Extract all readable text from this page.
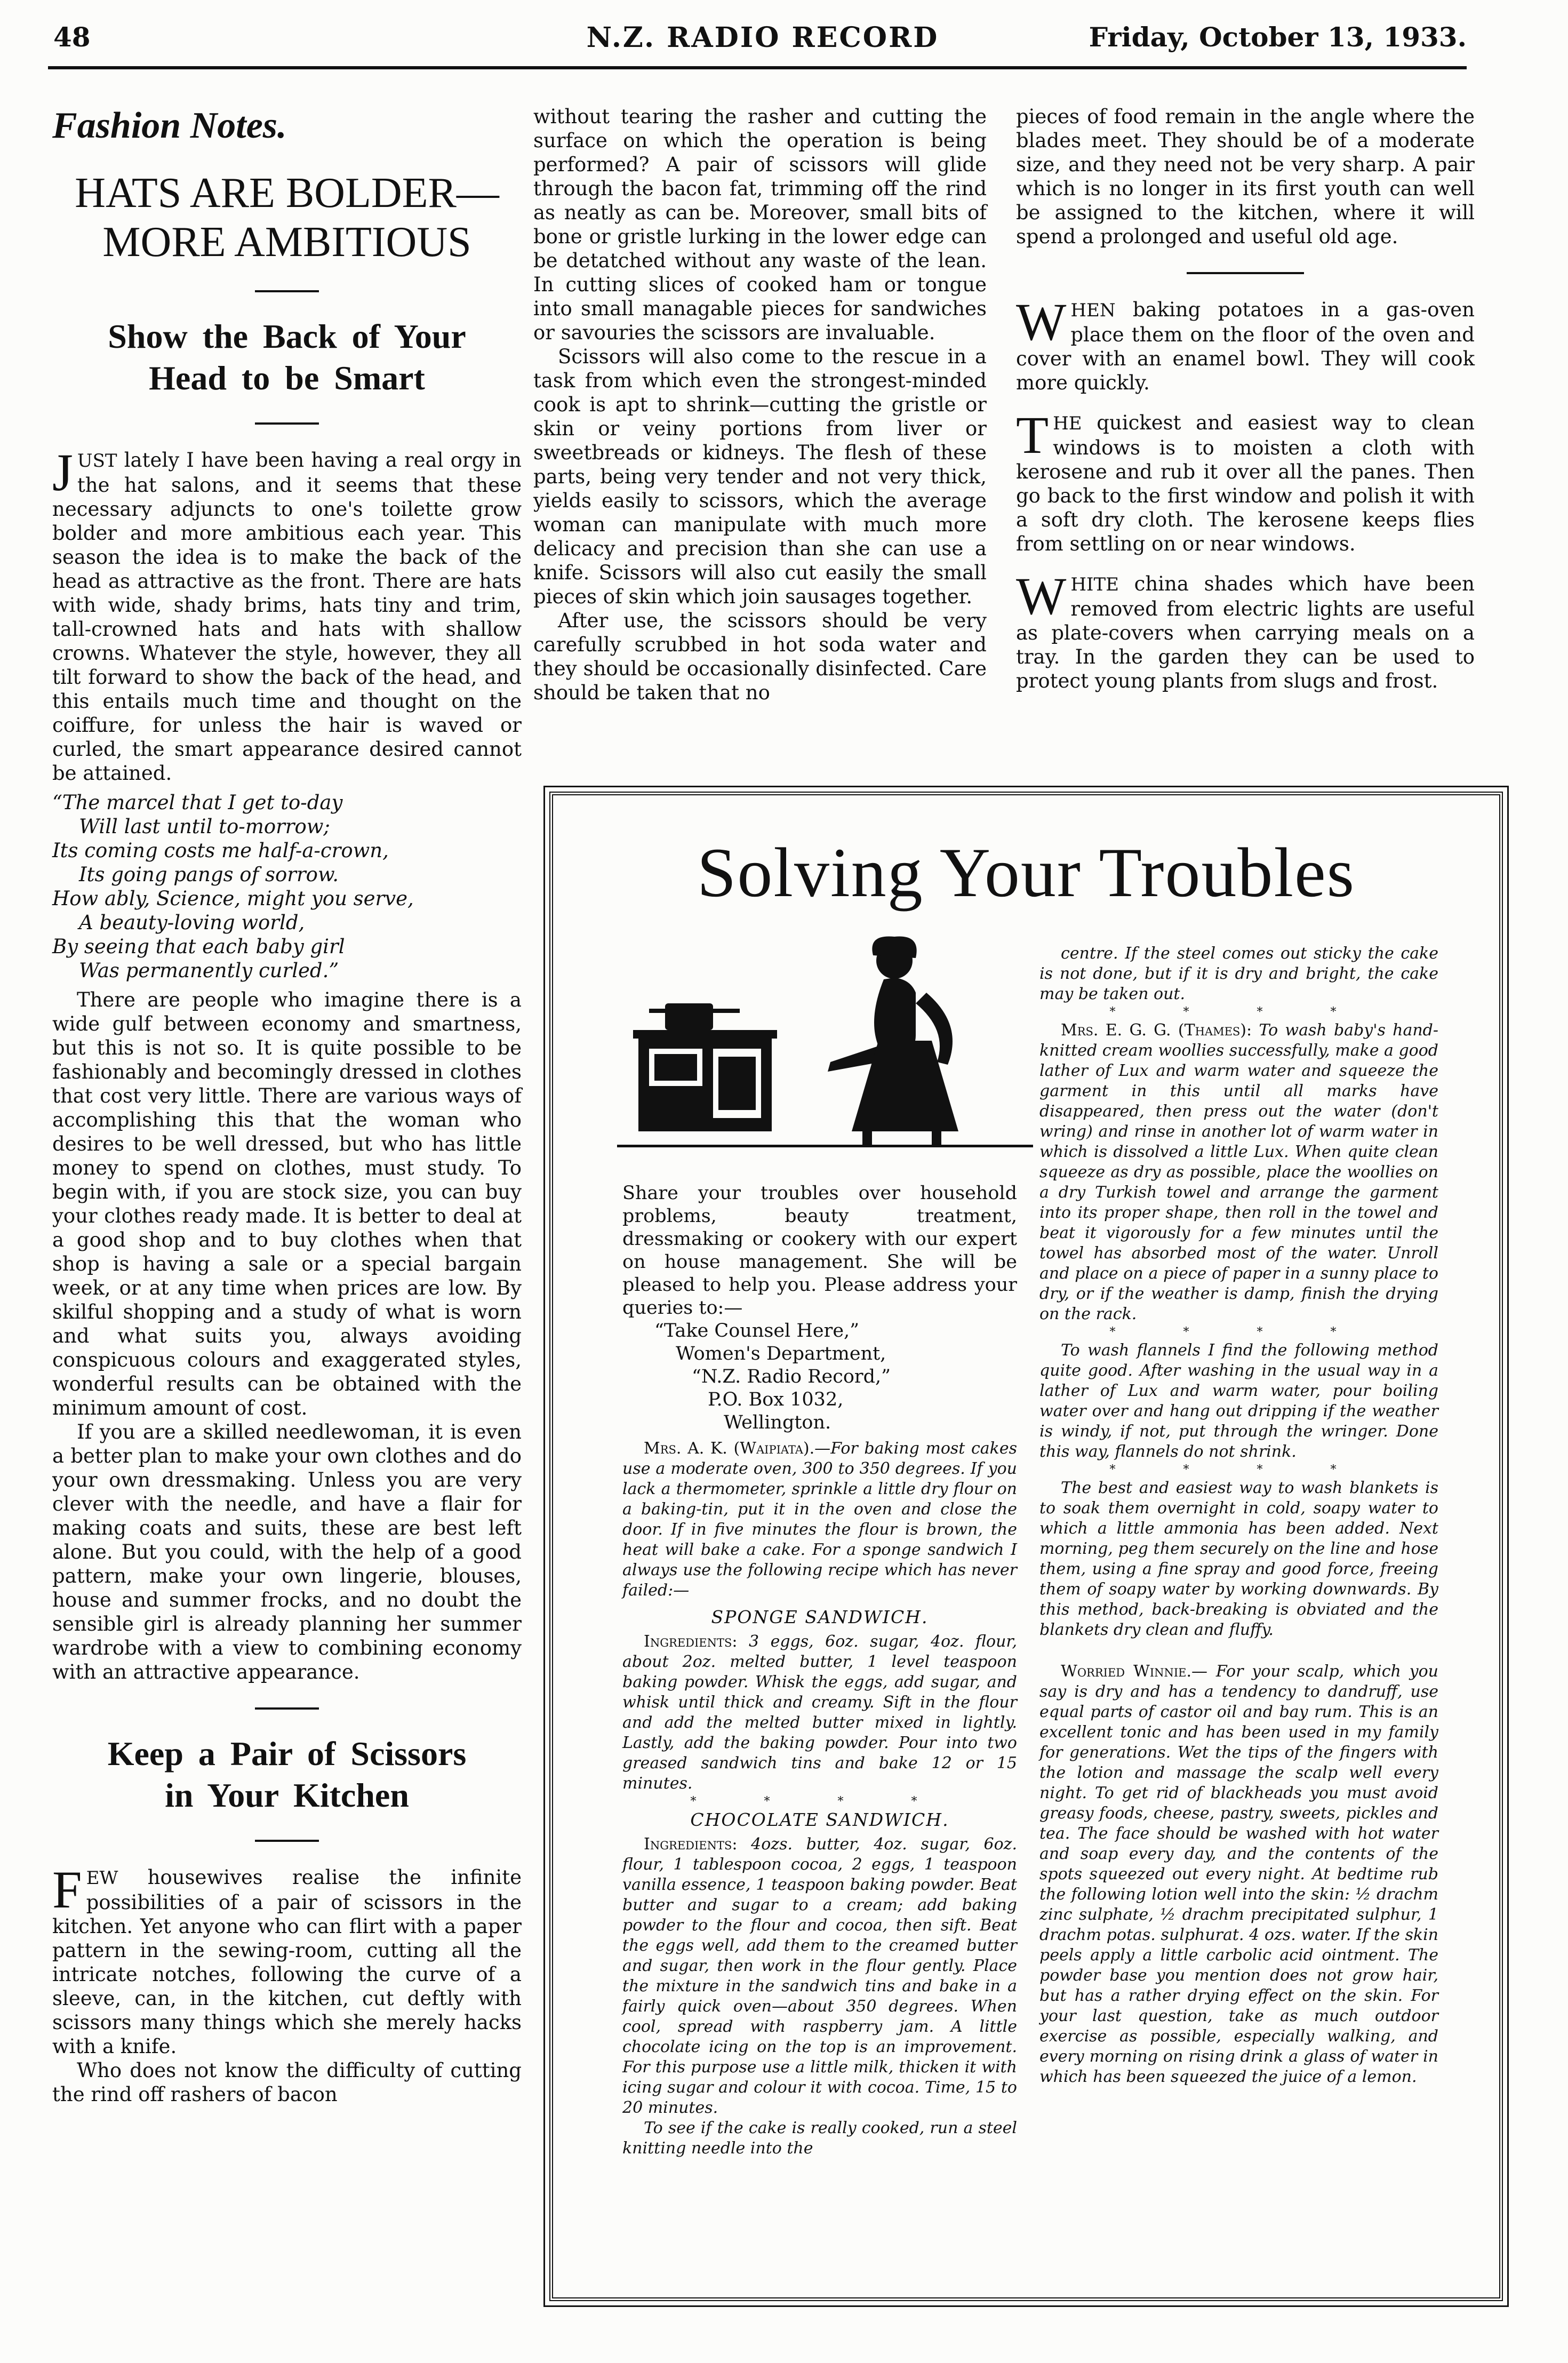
48	N.Z. RADIO RECORD	Friday, October 13, 1933.
Fashion Notes.
HATS ARE BOLDER—
MORE AMBITIOUS
Show the Back of Your
Head to be Smart

JUST lately I have been having a real orgy in the hat salons, and it seems that these necessary adjuncts to one's toilette grow bolder and more ambitious each year. This season the idea is to make the back of the head as attractive as the front. There are hats with wide, shady brims, hats tiny and trim, tall-crowned hats and hats with shallow crowns. Whatever the style, however, they all tilt forward to show the back of the head, and this entails much time and thought on the coiffure, for unless the hair is waved or curled, the smart appearance desired cannot be attained.

“The marcel that I get to-day
Will last until to-morrow;
Its coming costs me half-a-crown,
Its going pangs of sorrow.
How ably, Science, might you serve,
A beauty-loving world,
By seeing that each baby girl
Was permanently curled.”

There are people who imagine there is a wide gulf between economy and smartness, but this is not so. It is quite possible to be fashionably and becomingly dressed in clothes that cost very little. There are various ways of accomplishing this that the woman who desires to be well dressed, but who has little money to spend on clothes, must study. To begin with, if you are stock size, you can buy your clothes ready made. It is better to deal at a good shop and to buy clothes when that shop is having a sale or a special bargain week, or at any time when prices are low. By skilful shopping and a study of what is worn and what suits you, always avoiding conspicuous colours and exaggerated styles, wonderful results can be obtained with the minimum amount of cost.

If you are a skilled needlewoman, it is even a better plan to make your own clothes and do your own dressmaking. Unless you are very clever with the needle, and have a flair for making coats and suits, these are best left alone. But you could, with the help of a good pattern, make your own lingerie, blouses, house and summer frocks, and no doubt the sensible girl is already planning her summer wardrobe with a view to combining economy with an attractive appearance.

Keep a Pair of Scissors
in Your Kitchen

FEW housewives realise the infinite possibilities of a pair of scissors in the kitchen. Yet anyone who can flirt with a paper pattern in the sewing-room, cutting all the intricate notches, following the curve of a sleeve, can, in the kitchen, cut deftly with scissors many things which she merely hacks with a knife.

Who does not know the difficulty of cutting the rind off rashers of bacon

without tearing the rasher and cutting the surface on which the operation is being performed? A pair of scissors will glide through the bacon fat, trimming off the rind as neatly as can be. Moreover, small bits of bone or gristle lurking in the lower edge can be detatched without any waste of the lean. In cutting slices of cooked ham or tongue into small managable pieces for sandwiches or savouries the scissors are invaluable.

Scissors will also come to the rescue in a task from which even the strongest-minded cook is apt to shrink—cutting the gristle or skin or veiny portions from liver or sweetbreads or kidneys. The flesh of these parts, being very tender and not very thick, yields easily to scissors, which the average woman can manipulate with much more delicacy and precision than she can use a knife. Scissors will also cut easily the small pieces of skin which join sausages together.

After use, the scissors should be very carefully scrubbed in hot soda water and they should be occasionally disinfected. Care should be taken that no

pieces of food remain in the angle where the blades meet. They should be of a moderate size, and they need not be very sharp. A pair which is no longer in its first youth can well be assigned to the kitchen, where it will spend a prolonged and useful old age.

WHEN baking potatoes in a gas-oven place them on the floor of the oven and cover with an enamel bowl. They will cook more quickly.

THE quickest and easiest way to clean windows is to moisten a cloth with kerosene and rub it over all the panes. Then go back to the first window and polish it with a soft dry cloth. The kerosene keeps flies from settling on or near windows.

WHITE china shades which have been removed from electric lights are useful as plate-covers when carrying meals on a tray. In the garden they can be used to protect young plants from slugs and frost.

Solving Your Troubles

Share your troubles over household problems, beauty treatment, dressmaking or cookery with our expert on house management. She will be pleased to help you. Please address your queries to:—

“Take Counsel Here,”
Women's Department,
“N.Z. Radio Record,”
P.O. Box 1032,
Wellington.

Mrs. A. K. (Waipiata).—For baking most cakes use a moderate oven, 300 to 350 degrees. If you lack a thermometer, sprinkle a little dry flour on a baking-tin, put it in the oven and close the door. If in five minutes the flour is brown, the heat will bake a cake. For a sponge sandwich I always use the following recipe which has never failed:—

SPONGE SANDWICH.

Ingredients: 3 eggs, 6oz. sugar, 4oz. flour, about 2oz. melted butter, 1 level teaspoon baking powder. Whisk the eggs, add sugar, and whisk until thick and creamy. Sift in the flour and add the melted butter mixed in lightly. Lastly, add the baking powder. Pour into two greased sandwich tins and bake 12 or 15 minutes.

* * * *
CHOCOLATE SANDWICH.

Ingredients: 4ozs. butter, 4oz. sugar, 6oz. flour, 1 tablespoon cocoa, 2 eggs, 1 teaspoon vanilla essence, 1 teaspoon baking powder. Beat butter and sugar to a cream; add baking powder to the flour and cocoa, then sift. Beat the eggs well, add them to the creamed butter and sugar, then work in the flour gently. Place the mixture in the sandwich tins and bake in a fairly quick oven—about 350 degrees. When cool, spread with raspberry jam. A little chocolate icing on the top is an improvement. For this purpose use a little milk, thicken it with icing sugar and colour it with cocoa. Time, 15 to 20 minutes.

To see if the cake is really cooked, run a steel knitting needle into the

centre. If the steel comes out sticky the cake is not done, but if it is dry and bright, the cake may be taken out.

* * * *

Mrs. E. G. G. (Thames): To wash baby's hand-knitted cream woollies successfully, make a good lather of Lux and warm water and squeeze the garment in this until all marks have disappeared, then press out the water (don't wring) and rinse in another lot of warm water in which is dissolved a little Lux. When quite clean squeeze as dry as possible, place the woollies on a dry Turkish towel and arrange the garment into its proper shape, then roll in the towel and beat it vigorously for a few minutes until the towel has absorbed most of the water. Unroll and place on a piece of paper in a sunny place to dry, or if the weather is damp, finish the drying on the rack.

* * * *

To wash flannels I find the following method quite good. After washing in the usual way in a lather of Lux and warm water, pour boiling water over and hang out dripping if the weather is windy, if not, put through the wringer. Done this way, flannels do not shrink.

* * * *

The best and easiest way to wash blankets is to soak them overnight in cold, soapy water to which a little ammonia has been added. Next morning, peg them securely on the line and hose them, using a fine spray and good force, freeing them of soapy water by working downwards. By this method, back-breaking is obviated and the blankets dry clean and fluffy.

Worried Winnie.— For your scalp, which you say is dry and has a tendency to dandruff, use equal parts of castor oil and bay rum. This is an excellent tonic and has been used in my family for generations. Wet the tips of the fingers with the lotion and massage the scalp well every night. To get rid of blackheads you must avoid greasy foods, cheese, pastry, sweets, pickles and tea. The face should be washed with hot water and soap every day, and the contents of the spots squeezed out every night. At bedtime rub the following lotion well into the skin: ½ drachm zinc sulphate, ½ drachm precipitated sulphur, 1 drachm potas. sulphurat. 4 ozs. water. If the skin peels apply a little carbolic acid ointment. The powder base you mention does not grow hair, but has a rather drying effect on the skin. For your last question, take as much outdoor exercise as possible, especially walking, and every morning on rising drink a glass of water in which has been squeezed the juice of a lemon.
